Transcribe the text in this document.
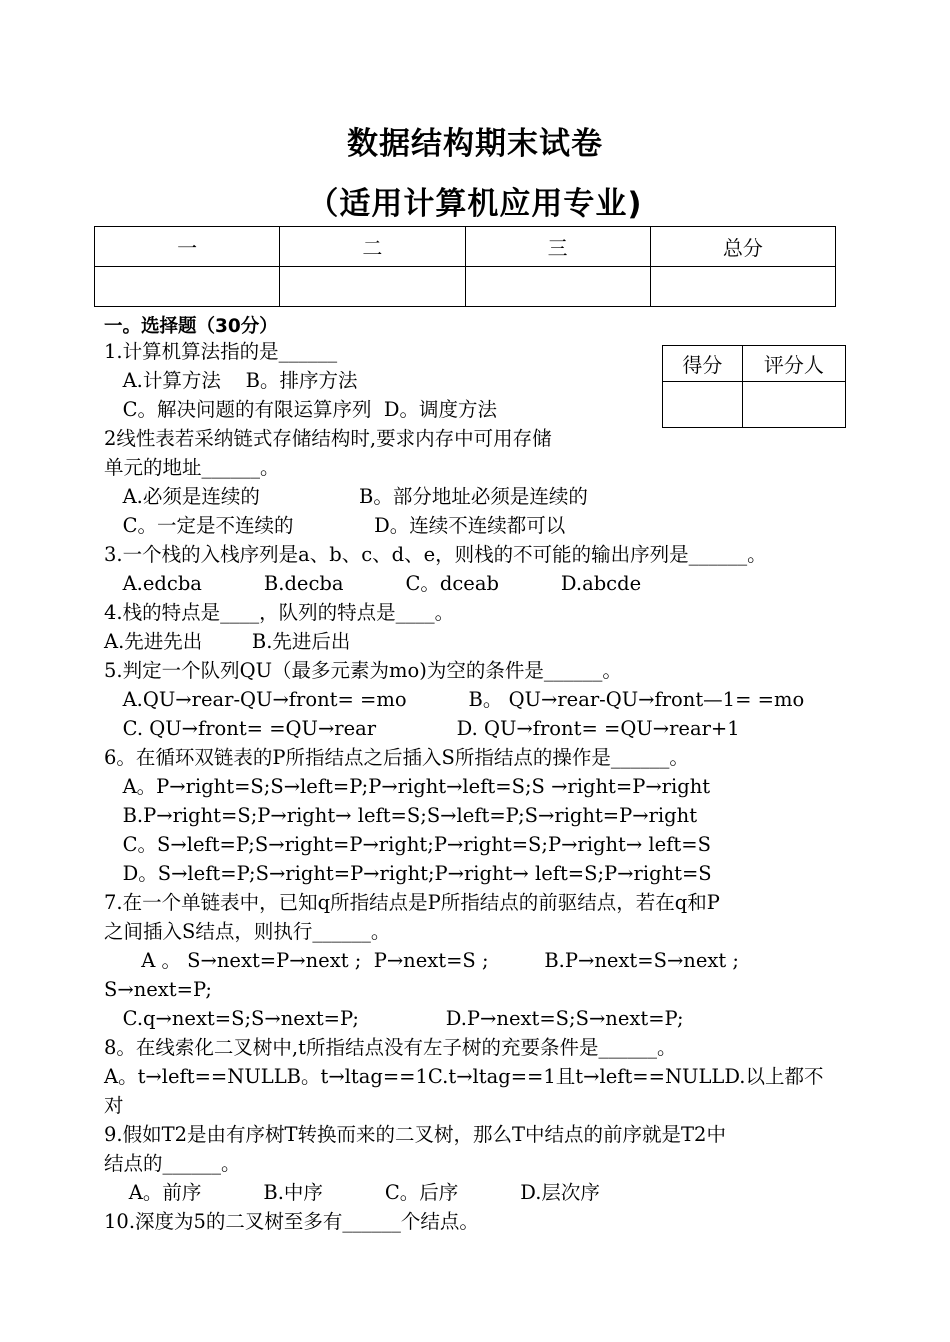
数据结构期末试卷
（适用计算机应用专业)
一	二	三	总分

一。选择题（30分）
得分	评分人

1.计算机算法指的是______
A.计算方法    B。排序方法
C。解决问题的有限运算序列  D。调度方法
2线性表若采纳链式存储结构时,要求内存中可用存储
单元的地址______。
A.必须是连续的                B。部分地址必须是连续的
C。一定是不连续的             D。连续不连续都可以
3.一个栈的入栈序列是a、b、c、d、e，则栈的不可能的输出序列是______。
A.edcba          B.decba          C。dceab          D.abcde
4.栈的特点是____，队列的特点是____。
A.先进先出        B.先进后出
5.判定一个队列QU（最多元素为mo)为空的条件是______。
A.QU→rear-QU→front= =mo          B。 QU→rear-QU→front—1= =mo
C. QU→front= =QU→rear             D. QU→front= =QU→rear+1
6。在循环双链表的P所指结点之后插入S所指结点的操作是______。
A。P→right=S;S→left=P;P→right→left=S;S →right=P→right
B.P→right=S;P→right→ left=S;S→left=P;S→right=P→right
C。S→left=P;S→right=P→right;P→right=S;P→right→ left=S
D。S→left=P;S→right=P→right;P→right→ left=S;P→right=S
7.在一个单链表中，已知q所指结点是P所指结点的前驱结点，若在q和P
之间插入S结点，则执行______。
A 。 S→next=P→next ;  P→next=S ;         B.P→next=S→next ;
S→next=P;
C.q→next=S;S→next=P;              D.P→next=S;S→next=P;
8。在线索化二叉树中,t所指结点没有左子树的充要条件是______。
A。t→left==NULLB。t→ltag==1C.t→ltag==1且t→left==NULLD.以上都不
对
9.假如T2是由有序树T转换而来的二叉树，那么T中结点的前序就是T2中
结点的______。
A。前序          B.中序          C。后序          D.层次序
10.深度为5的二叉树至多有______个结点。
